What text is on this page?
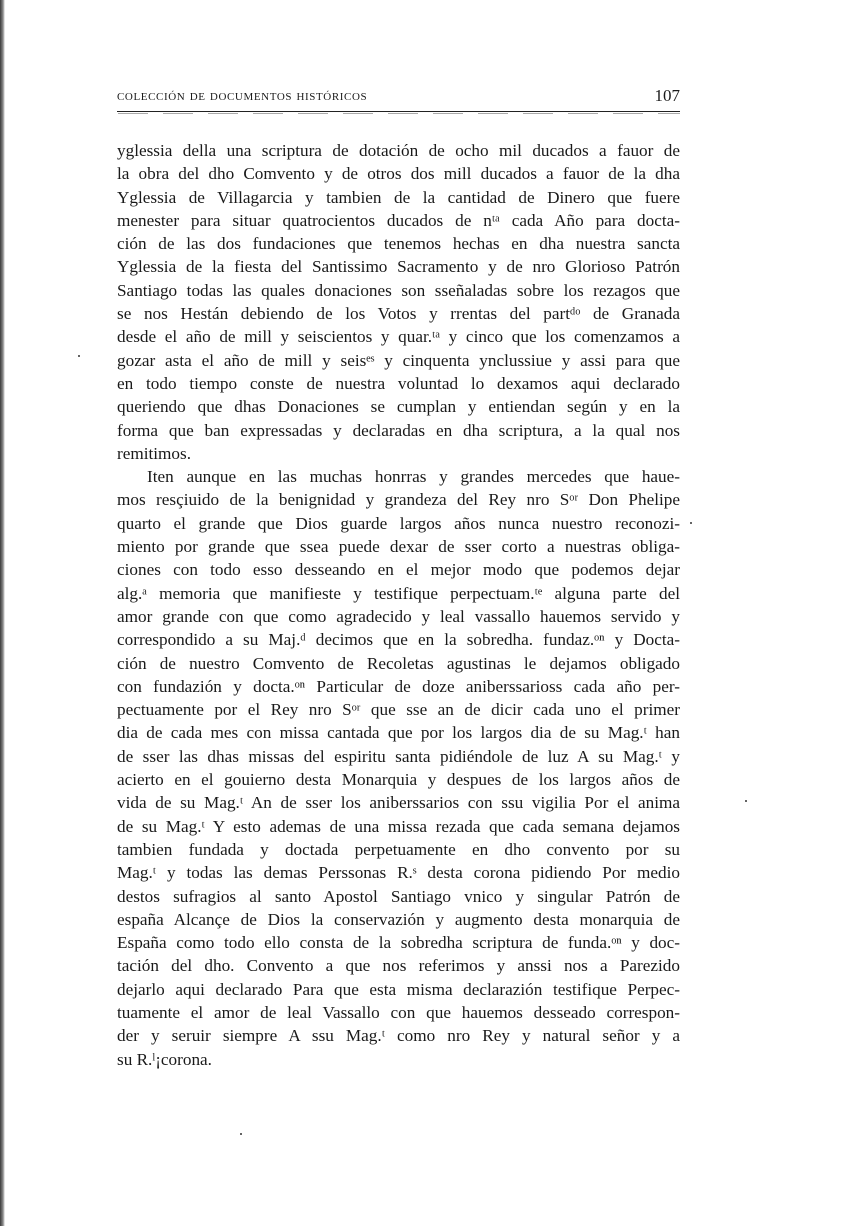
colección de documentos históricos	107
yglessia della una scriptura de dotación de ocho mil ducados a fauor de
la obra del dho Comvento y de otros dos mill ducados a fauor de la dha
Yglessia de Villagarcia y tambien de la cantidad de Dinero que fuere
menester para situar quatrocientos ducados de nᵗᵃ cada Año para docta-
ción de las dos fundaciones que tenemos hechas en dha nuestra sancta
Yglessia de la fiesta del Santissimo Sacramento y de nro Glorioso Patrón
Santiago todas las quales donaciones son sseñaladas sobre los rezagos que
se nos Hestán debiendo de los Votos y rrentas del partᵈᵒ de Granada
desde el año de mill y seiscientos y quar.ᵗᵃ y cinco que los comenzamos a
gozar asta el año de mill y seisᵉˢ y cinquenta ynclussiue y assi para que
en todo tiempo conste de nuestra voluntad lo dexamos aqui declarado
queriendo que dhas Donaciones se cumplan y entiendan según y en la
forma que ban expressadas y declaradas en dha scriptura, a la qual nos
remitimos.
Iten aunque en las muchas honrras y grandes mercedes que haue-
mos resçiuido de la benignidad y grandeza del Rey nro Sᵒʳ Don Phelipe
quarto el grande que Dios guarde largos años nunca nuestro reconozi-
miento por grande que ssea puede dexar de sser corto a nuestras obliga-
ciones con todo esso desseando en el mejor modo que podemos dejar
alg.ᵃ memoria que manifieste y testifique perpectuam.ᵗᵉ alguna parte del
amor grande con que como agradecido y leal vassallo hauemos servido y
correspondido a su Maj.ᵈ decimos que en la sobredha. fundaz.ᵒⁿ y Docta-
ción de nuestro Comvento de Recoletas agustinas le dejamos obligado
con fundazión y docta.ᵒⁿ Particular de doze aniberssarioss cada año per-
pectuamente por el Rey nro Sᵒʳ que sse an de dicir cada uno el primer
dia de cada mes con missa cantada que por los largos dia de su Mag.ᵗ han
de sser las dhas missas del espiritu santa pidiéndole de luz A su Mag.ᵗ y
acierto en el gouierno desta Monarquia y despues de los largos años de
vida de su Mag.ᵗ An de sser los aniberssarios con ssu vigilia Por el anima
de su Mag.ᵗ Y esto ademas de una missa rezada que cada semana dejamos
tambien fundada y doctada perpetuamente en dho convento por su
Mag.ᵗ y todas las demas Perssonas R.ˢ desta corona pidiendo Por medio
destos sufragios al santo Apostol Santiago vnico y singular Patrón de
españa Alcançe de Dios la conservazión y augmento desta monarquia de
España como todo ello consta de la sobredha scriptura de funda.ᵒⁿ y doc-
tación del dho. Convento a que nos referimos y anssi nos a Parezido
dejarlo aqui declarado Para que esta misma declarazión testifique Perpec-
tuamente el amor de leal Vassallo con que hauemos desseado correspon-
der y seruir siempre A ssu Mag.ᵗ como nro Rey y natural señor y a
su R.ˡ¡corona.
